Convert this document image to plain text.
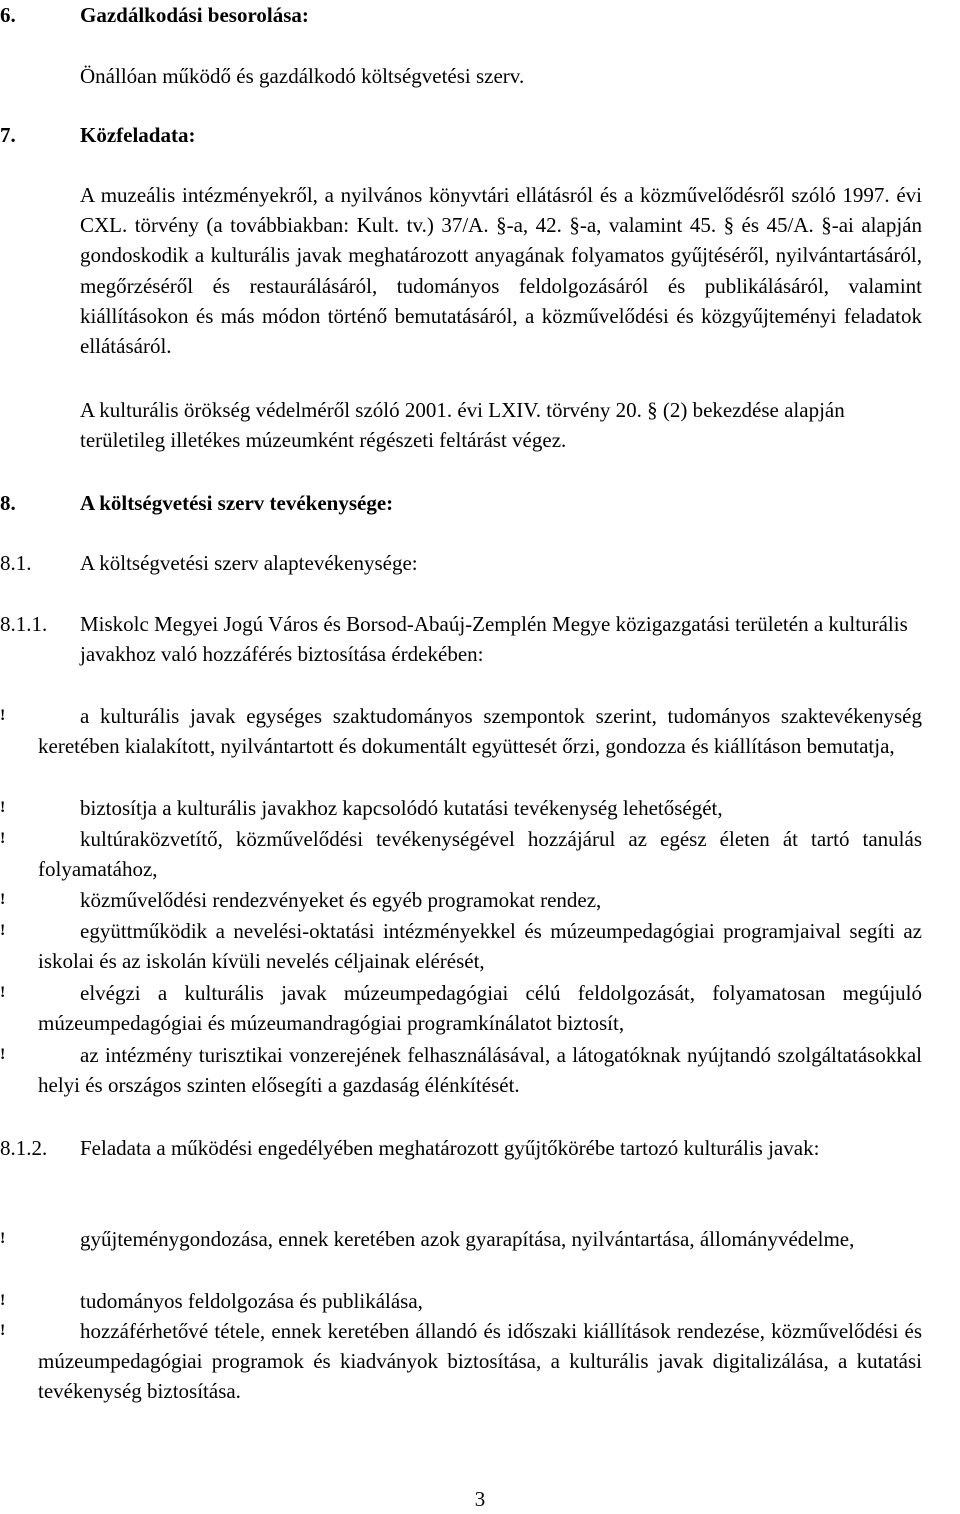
6.	Gazdálkodási besorolása:
Önállóan működő és gazdálkodó költségvetési szerv.
7.	Közfeladata:
A muzeális intézményekről, a nyilvános könyvtári ellátásról és a közművelődésről szóló 1997. évi CXL. törvény (a továbbiakban: Kult. tv.) 37/A. §-a, 42. §-a, valamint 45. § és 45/A. §-ai alapján gondoskodik a kulturális javak meghatározott anyagának folyamatos gyűjtéséről, nyilvántartásáról, megőrzéséről és restaurálásáról, tudományos feldolgozásáról és publikálásáról, valamint kiállításokon és más módon történő bemutatásáról, a közművelődési és közgyűjteményi feladatok ellátásáról.
A kulturális örökség védelméről szóló 2001. évi LXIV. törvény 20. § (2) bekezdése alapján területileg illetékes múzeumként régészeti feltárást végez.
8.	A költségvetési szerv tevékenysége:
8.1. A költségvetési szerv alaptevékenysége:
8.1.1. Miskolc Megyei Jogú Város és Borsod-Abaúj-Zemplén Megye közigazgatási területén a kulturális javakhoz való hozzáférés biztosítása érdekében:
!	a kulturális javak egységes szaktudományos szempontok szerint, tudományos szaktevékenység keretében kialakított, nyilvántartott és dokumentált együttesét őrzi, gondozza és kiállításon bemutatja,
!	biztosítja a kulturális javakhoz kapcsolódó kutatási tevékenység lehetőségét,
!	kultúraközvetítő, közművelődési tevékenységével hozzájárul az egész életen át tartó tanulás folyamatához,
!	közművelődési rendezvényeket és egyéb programokat rendez,
!	együttműködik a nevelési-oktatási intézményekkel és múzeumpedagógiai programjaival segíti az iskolai és az iskolán kívüli nevelés céljainak elérését,
!	elvégzi a kulturális javak múzeumpedagógiai célú feldolgozását, folyamatosan megújuló múzeumpedagógiai és múzeumandragógiai programkínálatot biztosít,
!	az intézmény turisztikai vonzerejének felhasználásával, a látogatóknak nyújtandó szolgáltatásokkal helyi és országos szinten elősegíti a gazdaság élénkítését.
8.1.2. Feladata a működési engedélyében meghatározott gyűjtőkörébe tartozó kulturális javak:
!	gyűjteménygondozása, ennek keretében azok gyarapítása, nyilvántartása, állományvédelme,
!	tudományos feldolgozása és publikálása,
!	hozzáférhetővé tétele, ennek keretében állandó és időszaki kiállítások rendezése, közművelődési és múzeumpedagógiai programok és kiadványok biztosítása, a kulturális javak digitalizálása, a kutatási tevékenység biztosítása.
3
